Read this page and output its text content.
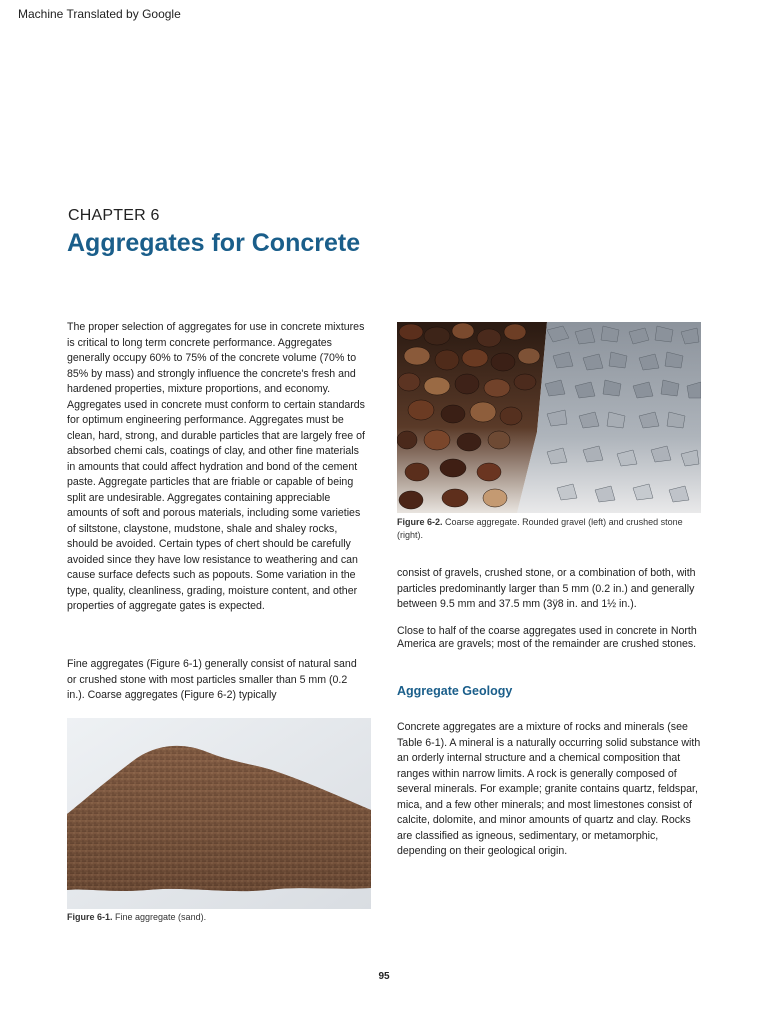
Machine Translated by Google
CHAPTER 6
Aggregates for Concrete

The proper selection of aggregates for use in concrete mixtures is critical to long term concrete performance. Aggregates generally occupy 60% to 75% of the concrete volume (70% to 85% by mass) and strongly influence the concrete's fresh and hardened properties, mixture proportions, and economy. Aggregates used in concrete must conform to certain standards for optimum engineering performance. Aggregates must be clean, hard, strong, and durable particles that are largely free of absorbed chemi cals, coatings of clay, and other fine materials in amounts that could affect hydration and bond of the cement paste. Aggregate particles that are friable or capable of being split are undesirable. Aggregates containing appreciable amounts of soft and porous materials, including some varieties of siltstone, claystone, mudstone, shale and shaley rocks, should be avoided. Certain types of chert should be carefully avoided since they have low resistance to weathering and can cause surface defects such as popouts. Some variation in the type, quality, cleanliness, grading, moisture content, and other properties of aggregate gates is expected.

Fine aggregates (Figure 6-1) generally consist of natural sand or crushed stone with most particles smaller than 5 mm (0.2 in.). Coarse aggregates (Figure 6-2) typically

Figure 6-2. Coarse aggregate. Rounded gravel (left) and crushed stone (right).

consist of gravels, crushed stone, or a combination of both, with particles predominantly larger than 5 mm (0.2 in.) and generally between 9.5 mm and 37.5 mm (3ÿ8 in. and 1½ in.).

Close to half of the coarse aggregates used in concrete in North America are gravels; most of the remainder are crushed stones.

Aggregate Geology

Concrete aggregates are a mixture of rocks and minerals (see Table 6-1). A mineral is a naturally occurring solid substance with an orderly internal structure and a chemical composition that ranges within narrow limits. A rock is generally composed of several minerals. For example; granite contains quartz, feldspar, mica, and a few other minerals; and most limestones consist of calcite, dolomite, and minor amounts of quartz and clay. Rocks are classified as igneous, sedimentary, or metamorphic, depending on their geological origin.

Figure 6-1. Fine aggregate (sand).
95
